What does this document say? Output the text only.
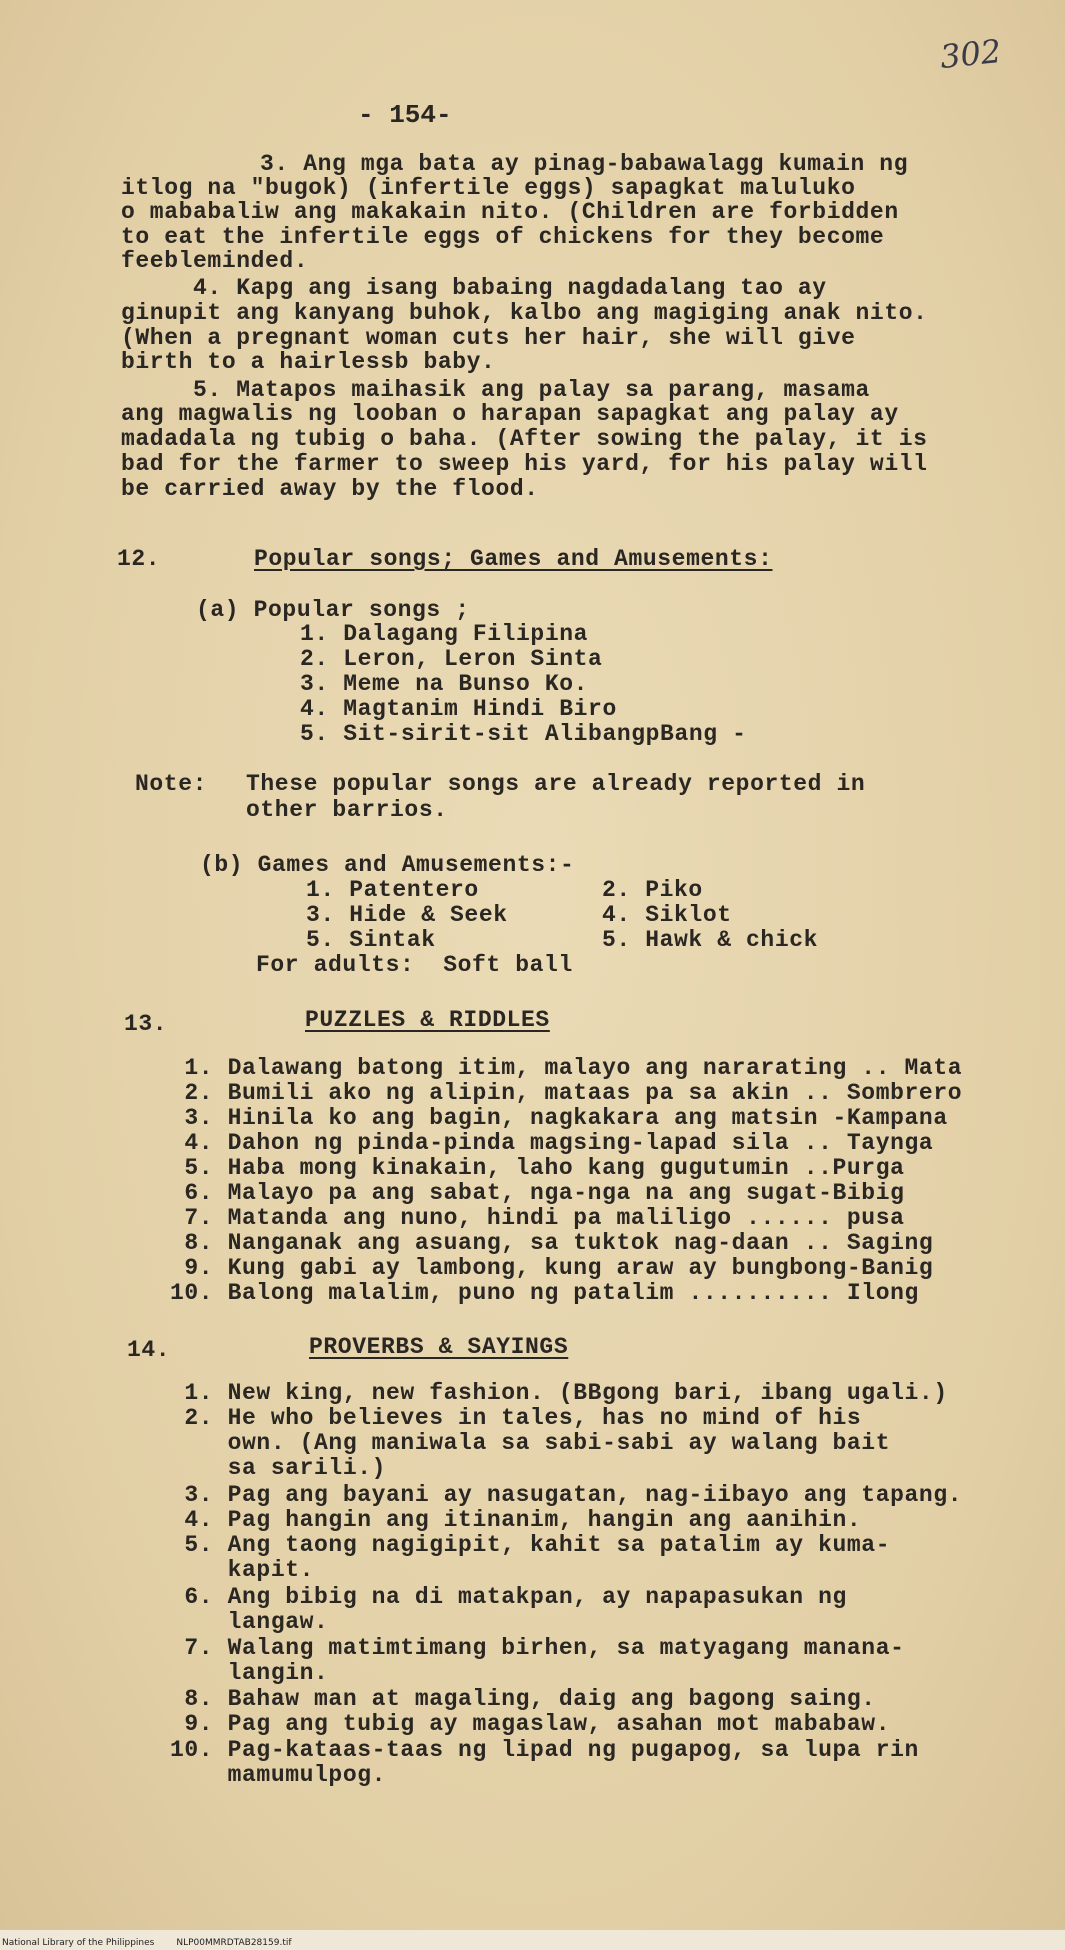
302
- 154-
3. Ang mga bata ay pinag-babawalagg kumain ng
itlog na "bugok) (infertile eggs) sapagkat maluluko
o mababaliw ang makakain nito. (Children are forbidden
to eat the infertile eggs of chickens for they become
feebleminded.
4. Kapg ang isang babaing nagdadalang tao ay
ginupit ang kanyang buhok, kalbo ang magiging anak nito.
(When a pregnant woman cuts her hair, she will give
birth to a hairlessb baby.
5. Matapos maihasik ang palay sa parang, masama
ang magwalis ng looban o harapan sapagkat ang palay ay
madadala ng tubig o baha. (After sowing the palay, it is
bad for the farmer to sweep his yard, for his palay will
be carried away by the flood.
12.	Popular songs; Games and Amusements:
(a) Popular songs ;
1. Dalagang Filipina
2. Leron, Leron Sinta
3. Meme na Bunso Ko.
4. Magtanim Hindi Biro
5. Sit-sirit-sit AlibangpBang -
Note: These popular songs are already reported in
other barrios.
(b) Games and Amusements:-
1. Patentero	2. Piko
3. Hide & Seek	4. Siklot
5. Sintak	5. Hawk & chick
For adults:  Soft ball
13.	PUZZLES & RIDDLES
1. Dalawang batong itim, malayo ang nararating .. Mata
2. Bumili ako ng alipin, mataas pa sa akin .. Sombrero
3. Hinila ko ang bagin, nagkakara ang matsin -Kampana
4. Dahon ng pinda-pinda magsing-lapad sila .. Taynga
5. Haba mong kinakain, laho kang gugutumin ..Purga
6. Malayo pa ang sabat, nga-nga na ang sugat-Bibig
7. Matanda ang nuno, hindi pa maliligo ...... pusa
8. Nanganak ang asuang, sa tuktok nag-daan .. Saging
9. Kung gabi ay lambong, kung araw ay bungbong-Banig
10. Balong malalim, puno ng patalim .......... Ilong
14.	PROVERBS & SAYINGS
1. New king, new fashion. (BBgong bari, ibang ugali.)
2. He who believes in tales, has no mind of his
own. (Ang maniwala sa sabi-sabi ay walang bait
sa sarili.)
3. Pag ang bayani ay nasugatan, nag-iibayo ang tapang.
4. Pag hangin ang itinanim, hangin ang aanihin.
5. Ang taong nagigipit, kahit sa patalim ay kuma-
kapit.
6. Ang bibig na di matakpan, ay napapasukan ng
langaw.
7. Walang matimtimang birhen, sa matyagang manana-
langin.
8. Bahaw man at magaling, daig ang bagong saing.
9. Pag ang tubig ay magaslaw, asahan mot mababaw.
10. Pag-kataas-taas ng lipad ng pugapog, sa lupa rin
mamumulpog.
National Library of the Philippines NLP00MMRDTAB28159.tif
